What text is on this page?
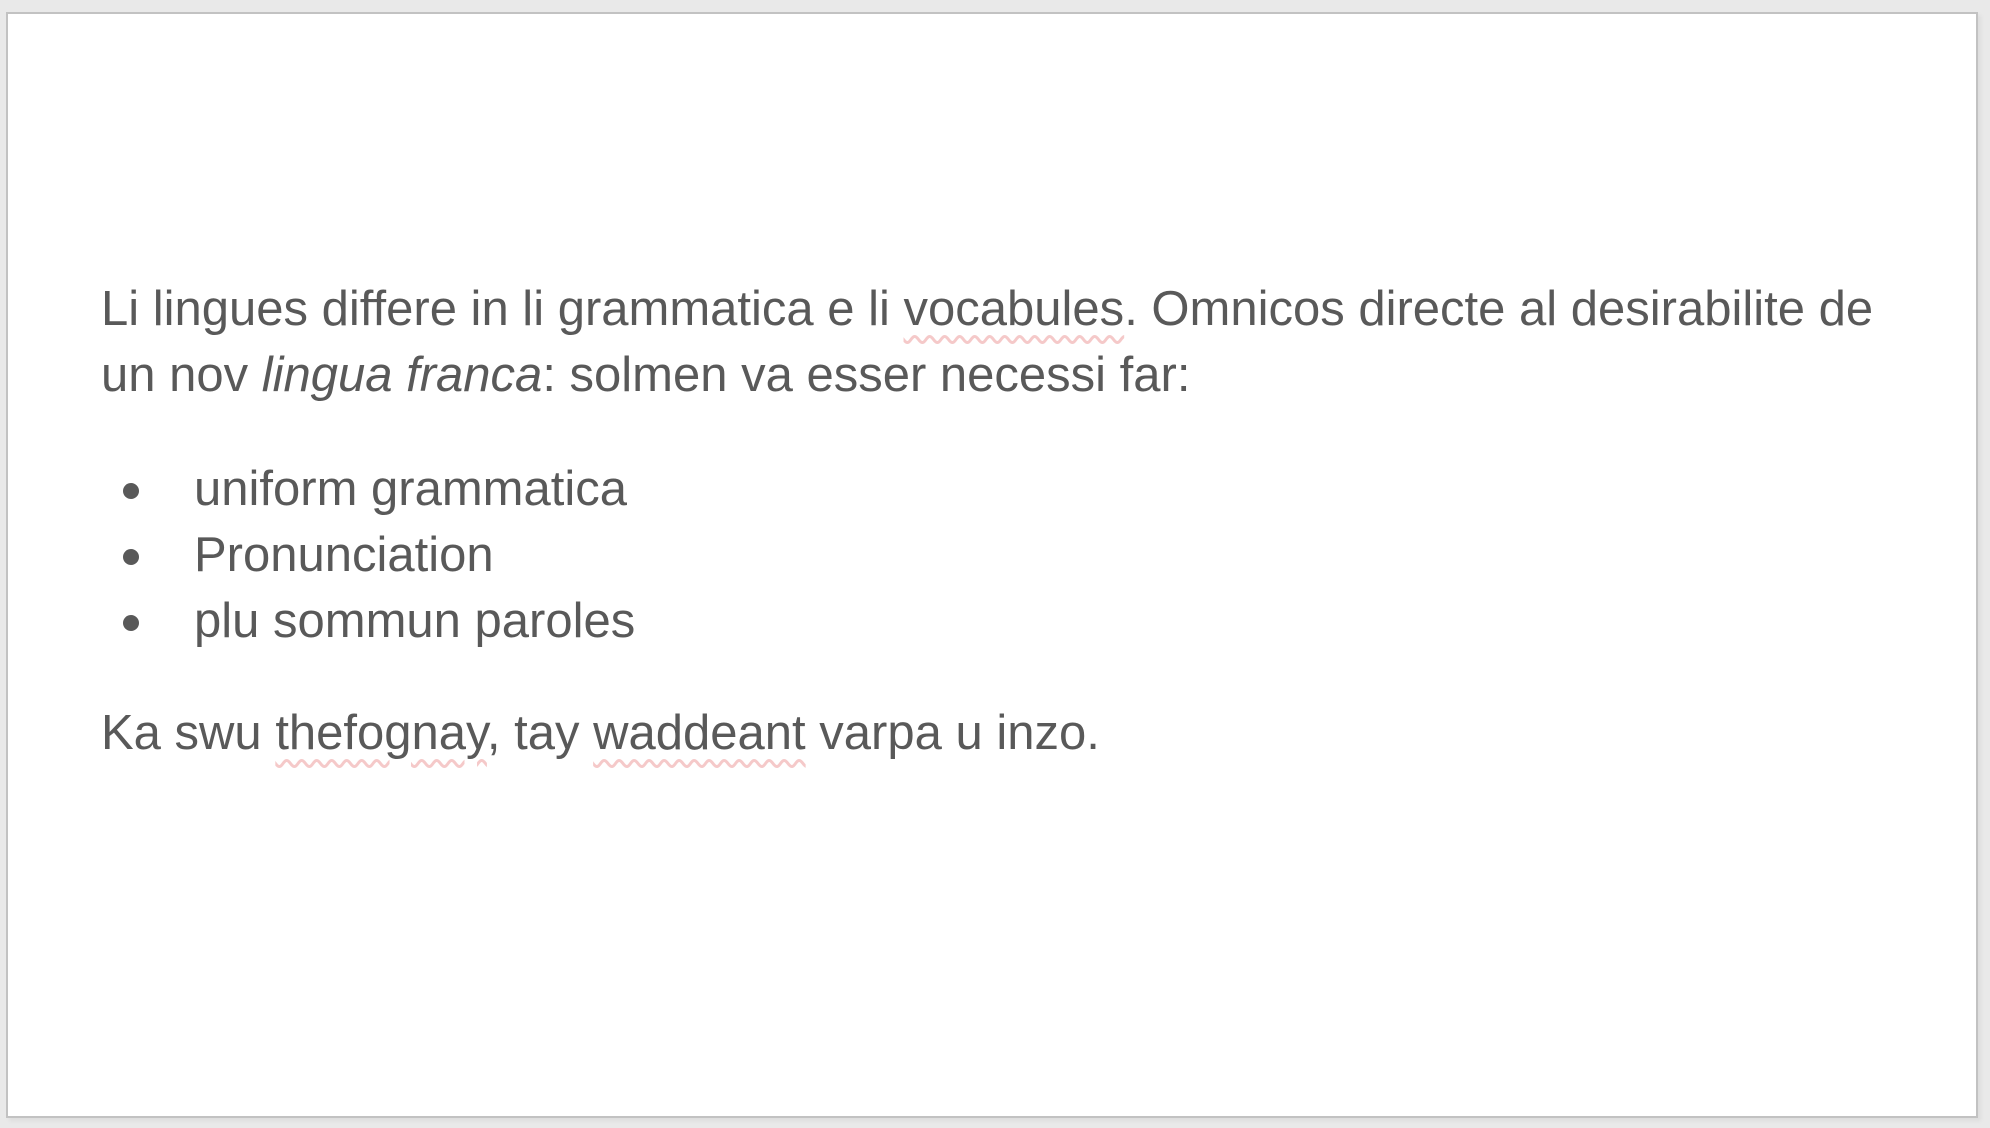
Li lingues differe in li grammatica e li vocabules. Omnicos directe al desirabilite de
un nov lingua franca: solmen va esser necessi far:

uniform grammatica
Pronunciation
plu sommun paroles

Ka swu thefognay, tay waddeant varpa u inzo.
